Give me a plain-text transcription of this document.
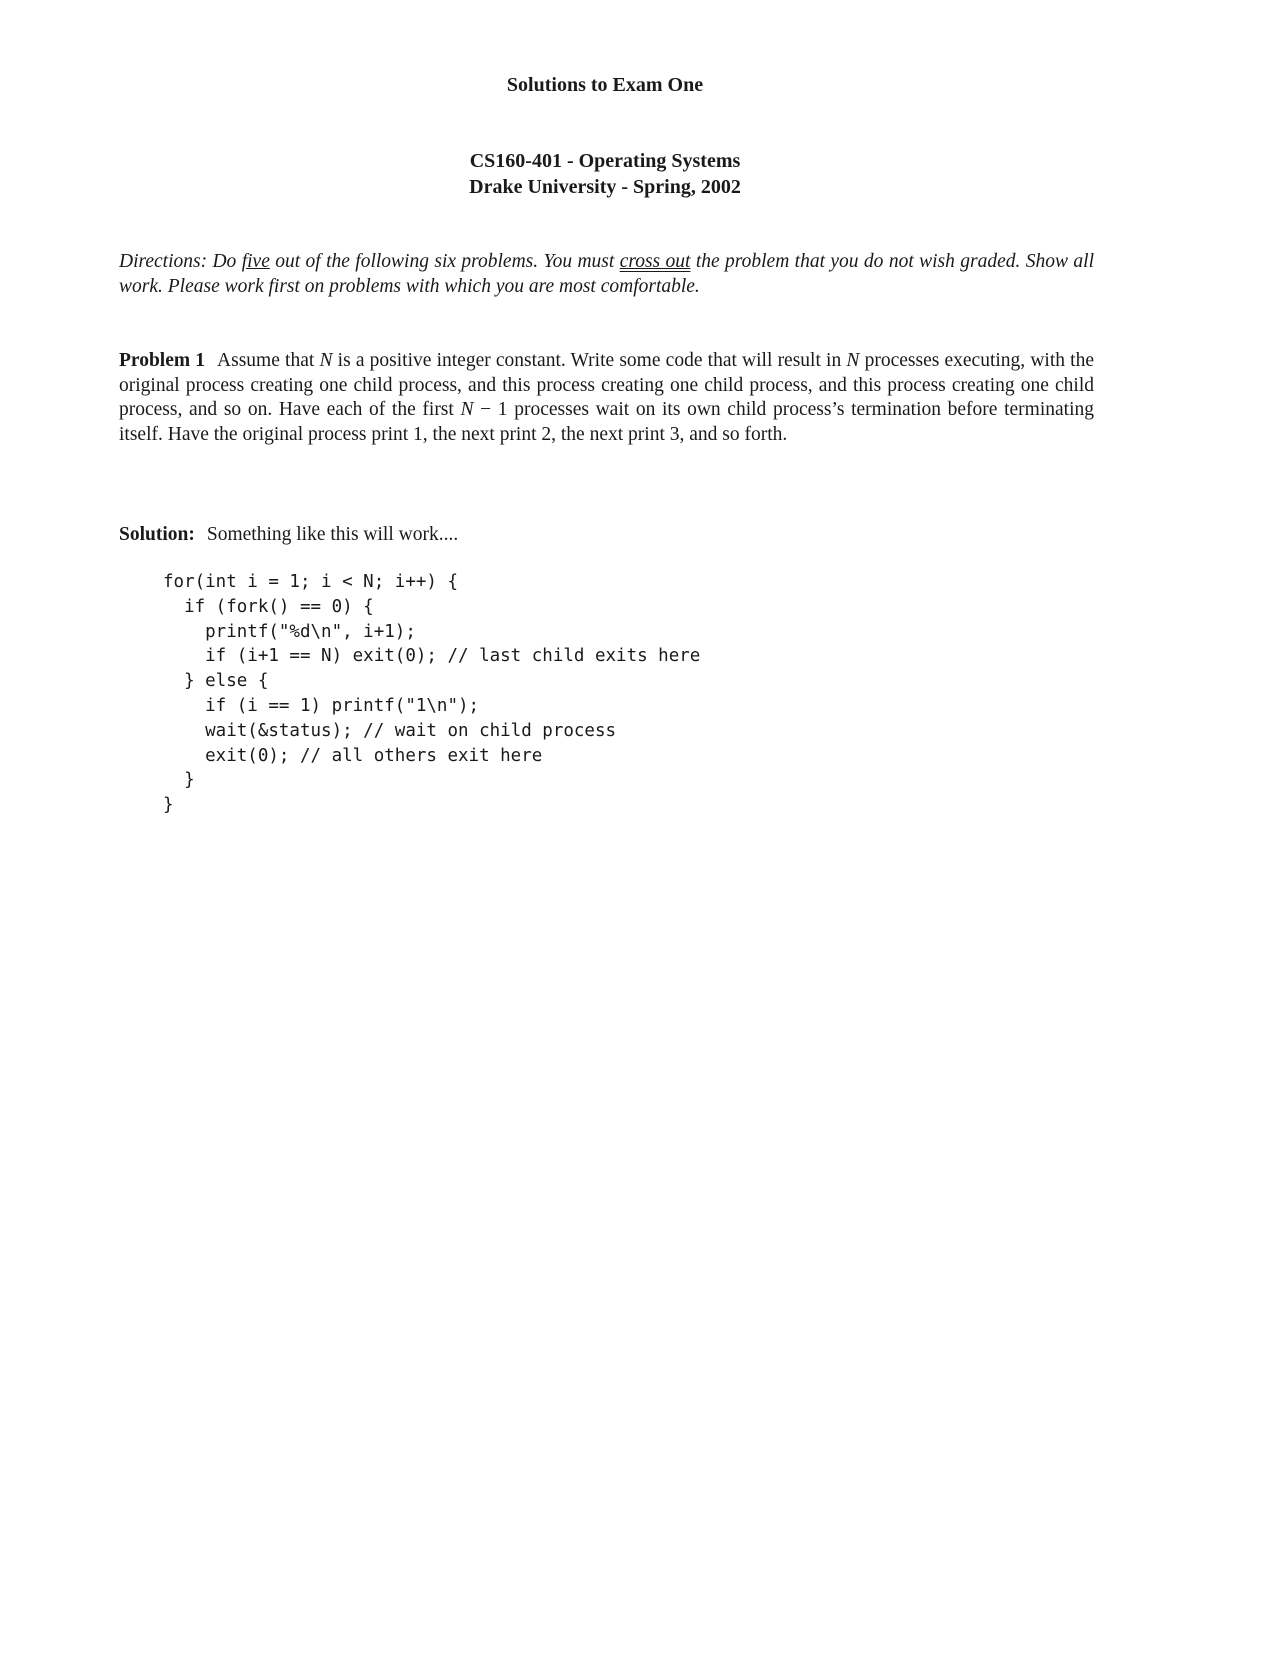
Solutions to Exam One
CS160-401 - Operating Systems
Drake University - Spring, 2002
Directions: Do five out of the following six problems. You must cross out the problem that you do not wish graded. Show all work. Please work first on problems with which you are most comfortable.
Problem 1 Assume that N is a positive integer constant. Write some code that will result in N processes executing, with the original process creating one child process, and this process creating one child process, and this process creating one child process, and so on. Have each of the first N − 1 processes wait on its own child process’s termination before terminating itself. Have the original process print 1, the next print 2, the next print 3, and so forth.
Solution: Something like this will work....
for(int i = 1; i < N; i++) {
if (fork() == 0) {
printf("%d\n", i+1);
if (i+1 == N) exit(0); // last child exits here
} else {
if (i == 1) printf("1\n");
wait(&status); // wait on child process
exit(0); // all others exit here
}
}
